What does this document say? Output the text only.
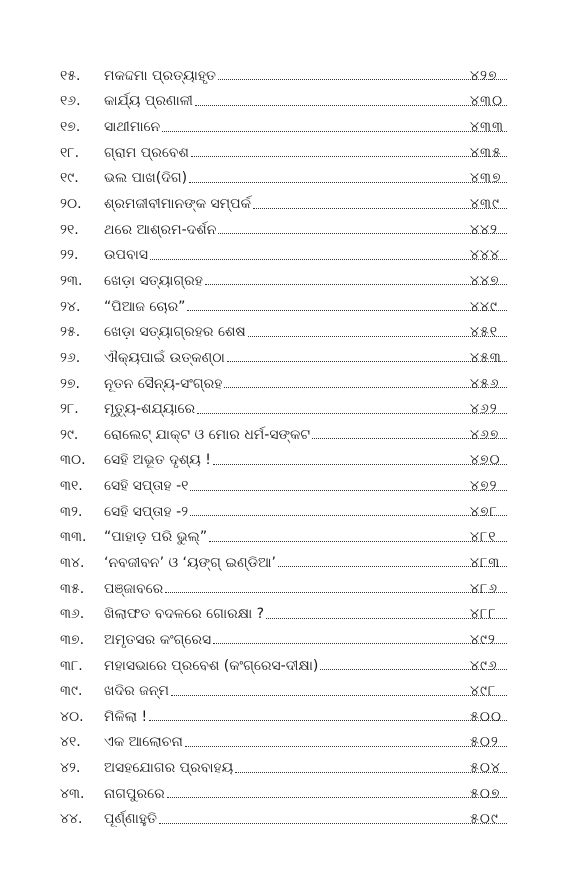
୧୫.	ମକଦ୍ଦମା ପ୍ରତ୍ୟାହୃତ	୪୨୭
୧୬.	କାର୍ଯ୍ୟ ପ୍ରଣାଳୀ	୪୩୦
୧୭.	ସାଥୀମାନେ	୪୩୩
୧୮.	ଗ୍ରାମ ପ୍ରବେଶ	୪୩୫
୧୯.	ଭଲ ପାଖ(ଦିଗ)	୪୩୭
୨୦.	ଶ୍ରମଜୀବୀମାନଙ୍କ ସମ୍ପର୍କ	୪୩୯
୨୧.	ଥରେ ଆଶ୍ରମ-ଦର୍ଶନ	୪୪୨
୨୨.	ଉପବାସ	୪୪୪
୨୩.	ଖେଡ଼ା ସତ୍ୟାଗ୍ରହ	୪୪୭
୨୪.	“ପିଆଜ ଚୋର”	୪୪୯
୨୫.	ଖେଡ଼ା ସତ୍ୟାଗ୍ରହର ଶେଷ	୪୫୧
୨୬.	ଐକ୍ୟପାଇଁ ଉତ୍କଣ୍ଠା	୪୫୩
୨୭.	ନୂତନ ସୈନ୍ୟ-ସଂଗ୍ରହ	୪୫୬
୨୮.	ମୃତ୍ୟୁ-ଶଯ୍ୟାରେ	୪୬୨
୨୯.	ରୋଲେଟ୍ ଯାକ୍ଟ ଓ ମୋର ଧର୍ମ-ସଙ୍କଟ	୪୬୭
୩୦.	ସେହି ଅଭୂତ ଦୃଶ୍ୟ !	୪୭୦
୩୧.	ସେହି ସପ୍ତାହ -୧	୪୭୨
୩୨.	ସେହି ସପ୍ତାହ -୨	୪୭୮
୩୩.	“ପାହାଡ଼ ପରି ଭୁଲ୍”	୪୮୧
୩୪.	‘ନବଜୀବନ’ ଓ ‘ୟଙ୍ଗ୍ ଇଣ୍ଡିଆ’	୪୮୩
୩୫.	ପଞ୍ଜାବରେ	୪୮୬
୩୬.	ଖିଲାଫତ ବଦଳରେ ଗୋରକ୍ଷା ?	୪୮୮
୩୭.	ଅମୃତସର କଂଗ୍ରେସ	୪୯୨
୩୮.	ମହାସଭାରେ ପ୍ରବେଶ (କଂଗ୍ରେସ-ଦୀକ୍ଷା)	୪୯୬
୩୯.	ଖଦିର ଜନ୍ମ	୪୯୮
୪୦.	ମିଳିଲା !	୫୦୦
୪୧.	ଏକ ଆଲୋଚନା	୫୦୨
୪୨.	ଅସହଯୋଗର ପ୍ରବାହୟ	୫୦୪
୪୩.	ନାଗପୁରରେ	୫୦୭
୪୪.	ପୂର୍ଣ୍ଣାହୁତି	୫୦୯
